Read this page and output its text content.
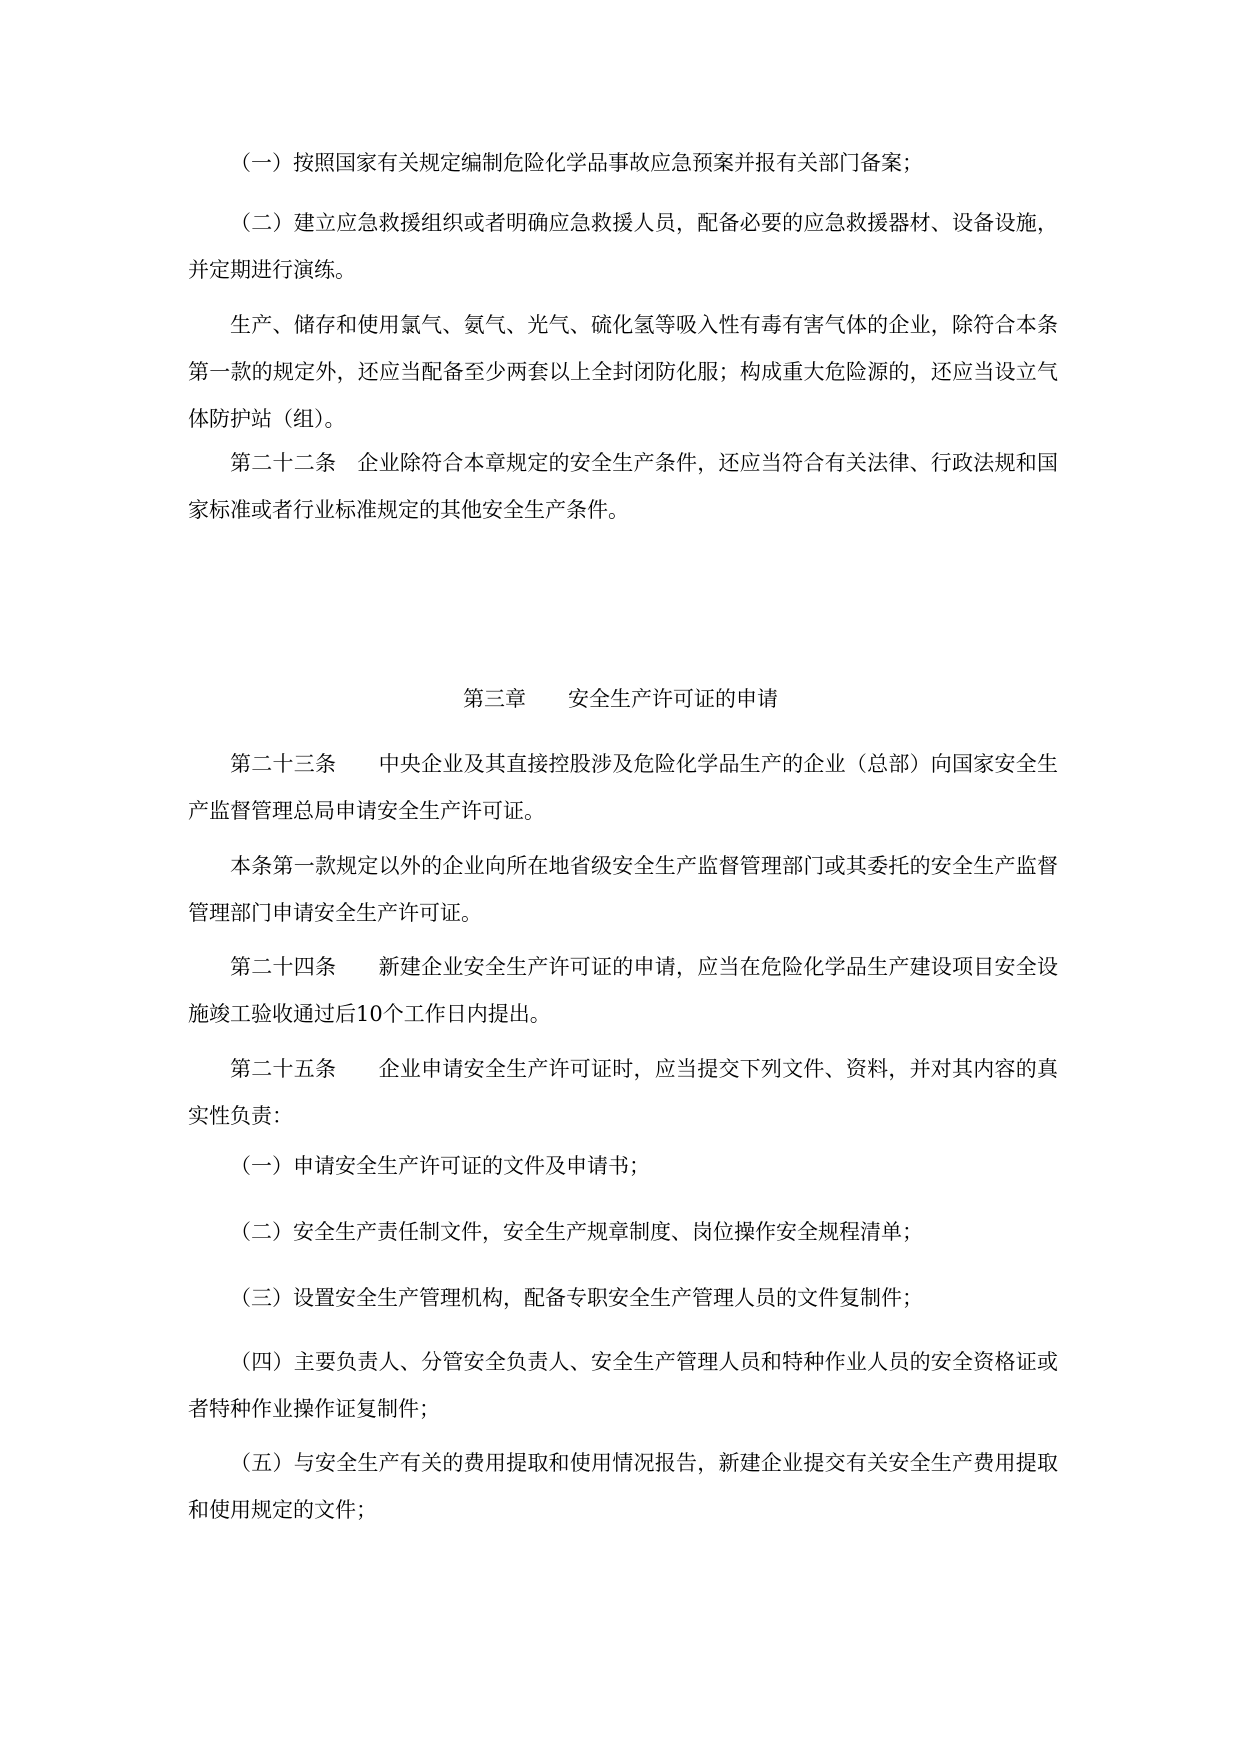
（一）按照国家有关规定编制危险化学品事故应急预案并报有关部门备案；

（二）建立应急救援组织或者明确应急救援人员，配备必要的应急救援器材、设备设施，并定期进行演练。

生产、储存和使用氯气、氨气、光气、硫化氢等吸入性有毒有害气体的企业，除符合本条第一款的规定外，还应当配备至少两套以上全封闭防化服；构成重大危险源的，还应当设立气体防护站（组）。

第二十二条　企业除符合本章规定的安全生产条件，还应当符合有关法律、行政法规和国家标准或者行业标准规定的其他安全生产条件。

第三章 安全生产许可证的申请

第二十三条　　中央企业及其直接控股涉及危险化学品生产的企业（总部）向国家安全生产监督管理总局申请安全生产许可证。

本条第一款规定以外的企业向所在地省级安全生产监督管理部门或其委托的安全生产监督管理部门申请安全生产许可证。

第二十四条　　新建企业安全生产许可证的申请，应当在危险化学品生产建设项目安全设施竣工验收通过后10个工作日内提出。

第二十五条　　企业申请安全生产许可证时，应当提交下列文件、资料，并对其内容的真实性负责：

（一）申请安全生产许可证的文件及申请书；

（二）安全生产责任制文件，安全生产规章制度、岗位操作安全规程清单；

（三）设置安全生产管理机构，配备专职安全生产管理人员的文件复制件；

（四）主要负责人、分管安全负责人、安全生产管理人员和特种作业人员的安全资格证或者特种作业操作证复制件；

（五）与安全生产有关的费用提取和使用情况报告，新建企业提交有关安全生产费用提取和使用规定的文件；
